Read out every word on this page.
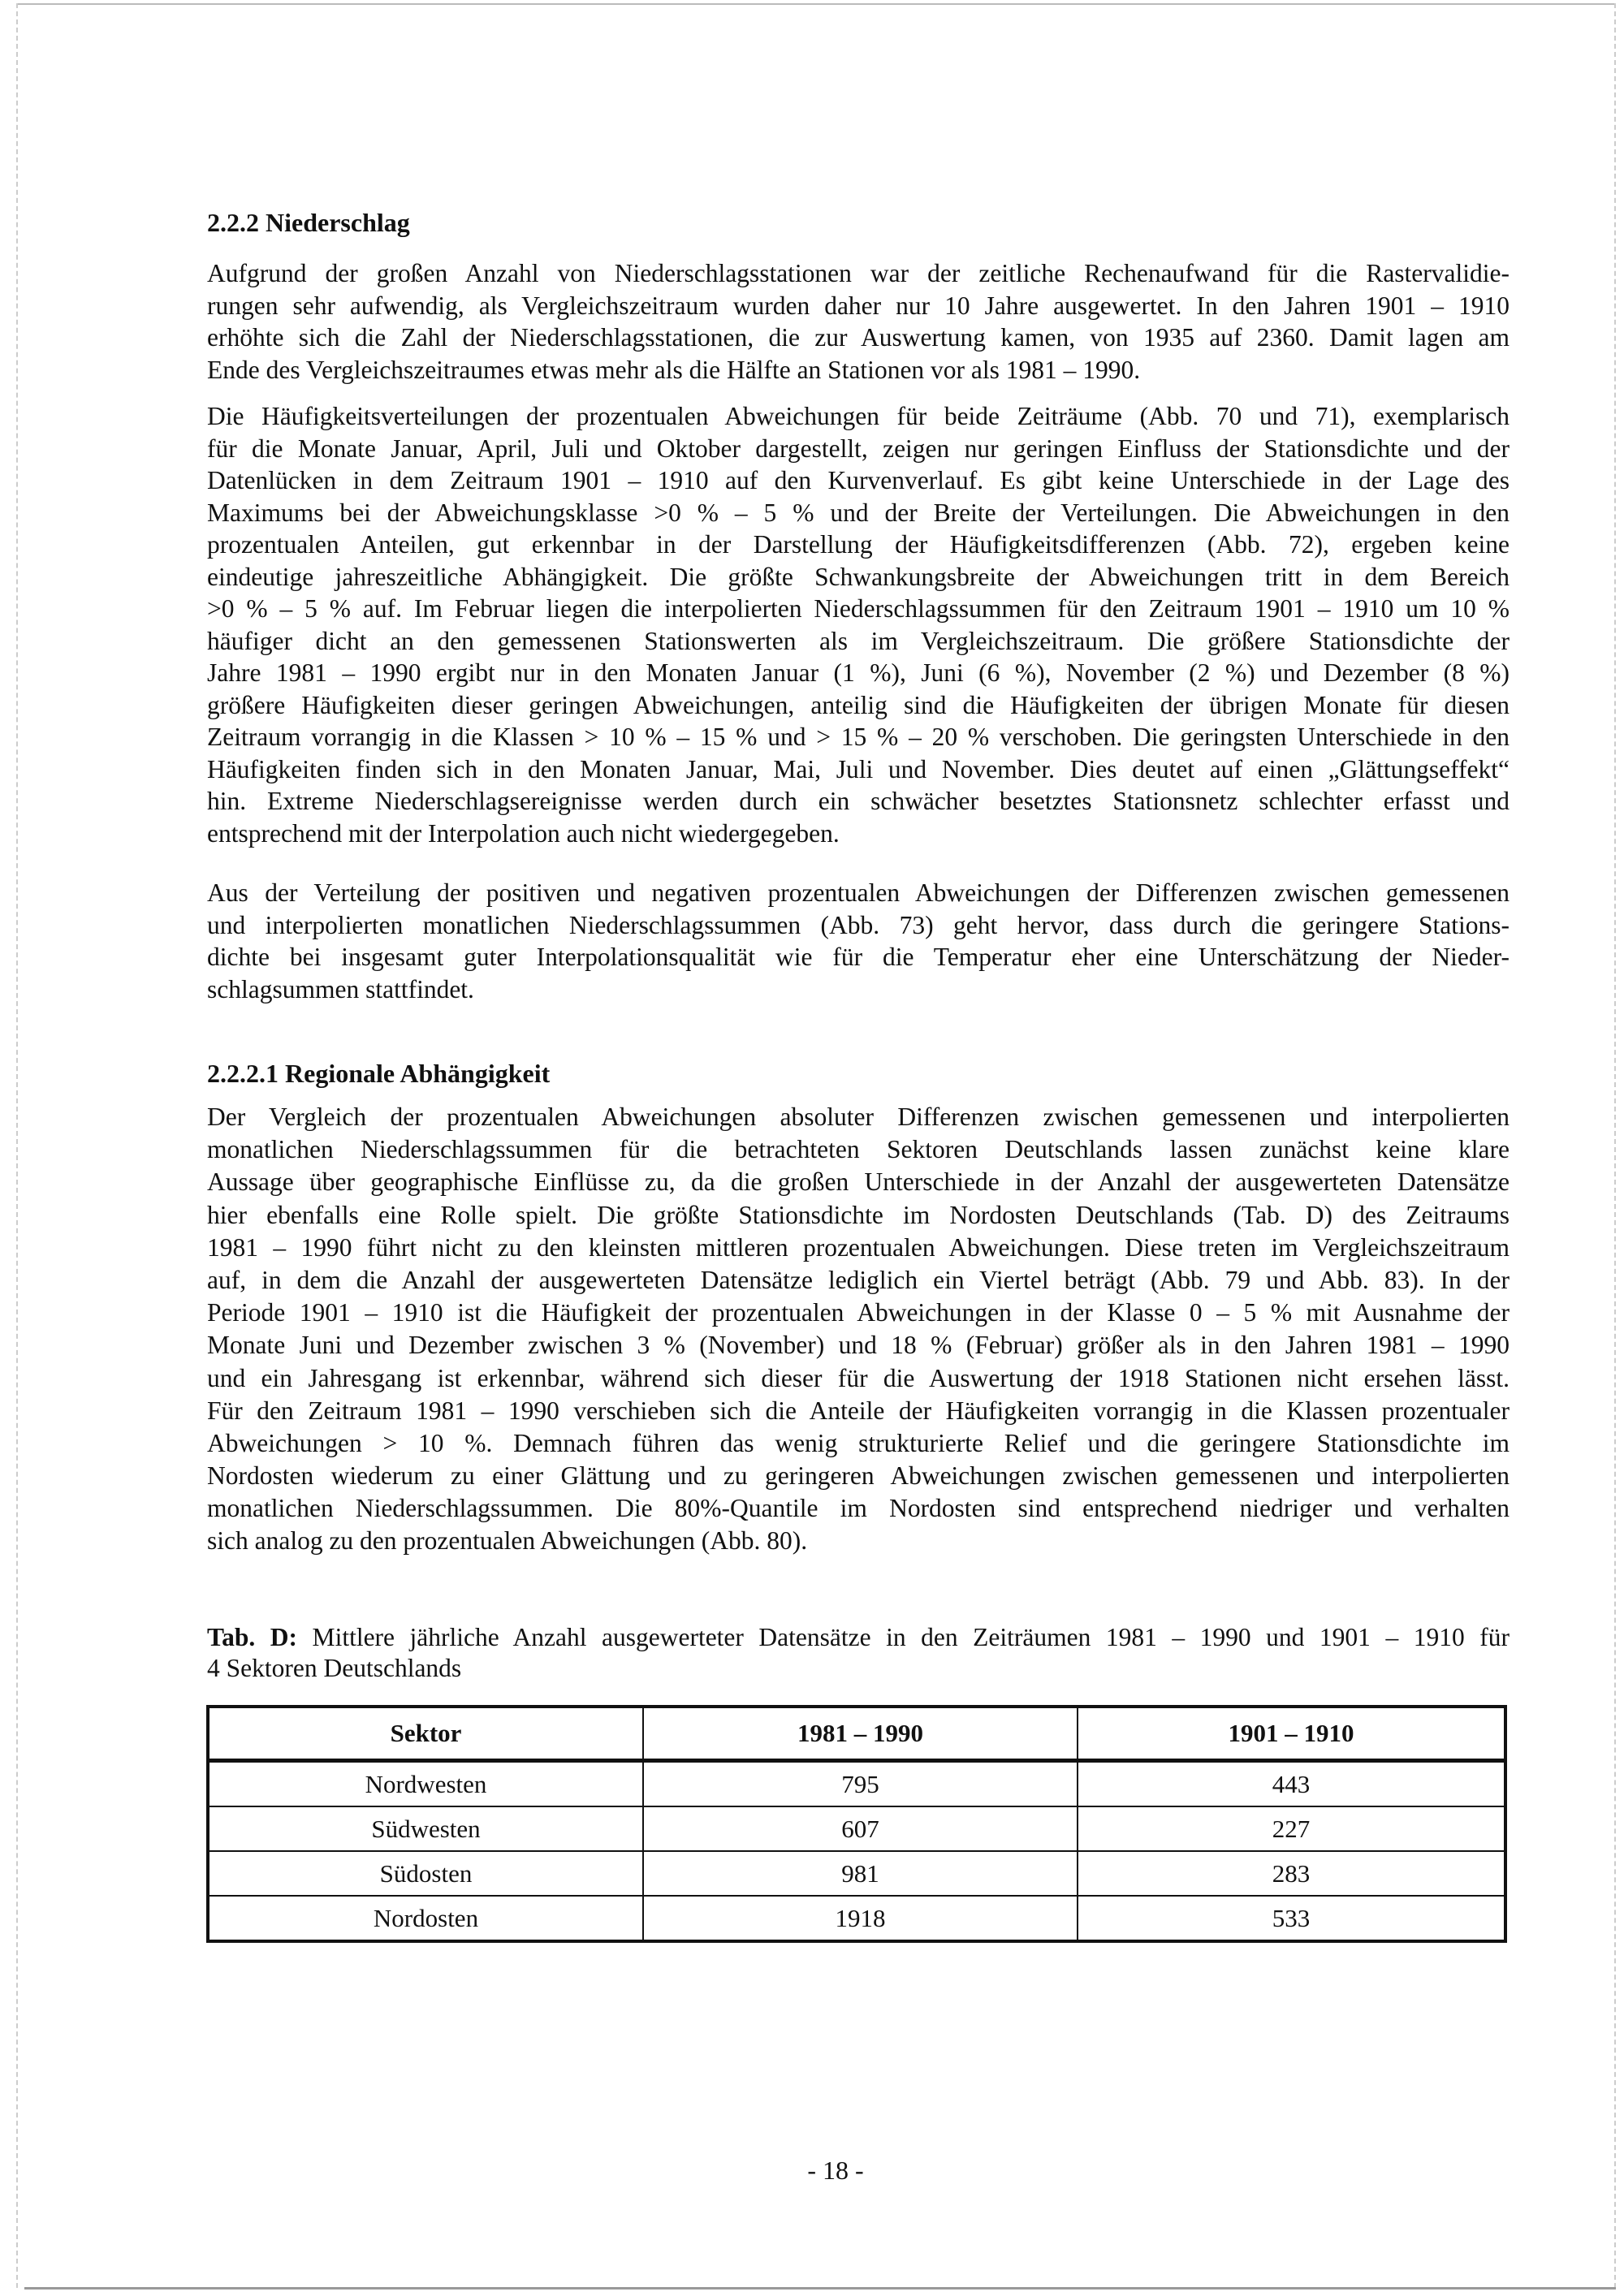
2.2.2 Niederschlag
Aufgrund der großen Anzahl von Niederschlagsstationen war der zeitliche Rechenaufwand für die Rastervalidie-
rungen sehr aufwendig, als Vergleichszeitraum wurden daher nur 10 Jahre ausgewertet. In den Jahren 1901 – 1910
erhöhte sich die Zahl der Niederschlagsstationen, die zur Auswertung kamen, von 1935 auf 2360. Damit lagen am
Ende des Vergleichszeitraumes etwas mehr als die Hälfte an Stationen vor als 1981 – 1990.
Die Häufigkeitsverteilungen der prozentualen Abweichungen für beide Zeiträume (Abb. 70 und 71), exemplarisch
für die Monate Januar, April, Juli und Oktober dargestellt, zeigen nur geringen Einfluss der Stationsdichte und der
Datenlücken in dem Zeitraum 1901 – 1910 auf den Kurvenverlauf. Es gibt keine Unterschiede in der Lage des
Maximums bei der Abweichungsklasse >0 % – 5 % und der Breite der Verteilungen. Die Abweichungen in den
prozentualen Anteilen, gut erkennbar in der Darstellung der Häufigkeitsdifferenzen (Abb. 72), ergeben keine
eindeutige jahreszeitliche Abhängigkeit. Die größte Schwankungsbreite der Abweichungen tritt in dem Bereich
>0 % – 5 % auf. Im Februar liegen die interpolierten Niederschlagssummen für den Zeitraum 1901 – 1910 um 10 %
häufiger dicht an den gemessenen Stationswerten als im Vergleichszeitraum. Die größere Stationsdichte der
Jahre 1981 – 1990 ergibt nur in den Monaten Januar (1 %), Juni (6 %), November (2 %) und Dezember (8 %)
größere Häufigkeiten dieser geringen Abweichungen, anteilig sind die Häufigkeiten der übrigen Monate für diesen
Zeitraum vorrangig in die Klassen > 10 % – 15 % und > 15 % – 20 % verschoben. Die geringsten Unterschiede in den
Häufigkeiten finden sich in den Monaten Januar, Mai, Juli und November. Dies deutet auf einen „Glättungseffekt“
hin. Extreme Niederschlagsereignisse werden durch ein schwächer besetztes Stationsnetz schlechter erfasst und
entsprechend mit der Interpolation auch nicht wiedergegeben.
Aus der Verteilung der positiven und negativen prozentualen Abweichungen der Differenzen zwischen gemessenen
und interpolierten monatlichen Niederschlagssummen (Abb. 73) geht hervor, dass durch die geringere Stations-
dichte bei insgesamt guter Interpolationsqualität wie für die Temperatur eher eine Unterschätzung der Nieder-
schlagsummen stattfindet.
2.2.2.1 Regionale Abhängigkeit
Der Vergleich der prozentualen Abweichungen absoluter Differenzen zwischen gemessenen und interpolierten
monatlichen Niederschlagssummen für die betrachteten Sektoren Deutschlands lassen zunächst keine klare
Aussage über geographische Einflüsse zu, da die großen Unterschiede in der Anzahl der ausgewerteten Datensätze
hier ebenfalls eine Rolle spielt. Die größte Stationsdichte im Nordosten Deutschlands (Tab. D) des Zeitraums
1981 – 1990 führt nicht zu den kleinsten mittleren prozentualen Abweichungen. Diese treten im Vergleichszeitraum
auf, in dem die Anzahl der ausgewerteten Datensätze lediglich ein Viertel beträgt (Abb. 79 und Abb. 83). In der
Periode 1901 – 1910 ist die Häufigkeit der prozentualen Abweichungen in der Klasse 0 – 5 % mit Ausnahme der
Monate Juni und Dezember zwischen 3 % (November) und 18 % (Februar) größer als in den Jahren 1981 – 1990
und ein Jahresgang ist erkennbar, während sich dieser für die Auswertung der 1918 Stationen nicht ersehen lässt.
Für den Zeitraum 1981 – 1990 verschieben sich die Anteile der Häufigkeiten vorrangig in die Klassen prozentualer
Abweichungen > 10 %. Demnach führen das wenig strukturierte Relief und die geringere Stationsdichte im
Nordosten wiederum zu einer Glättung und zu geringeren Abweichungen zwischen gemessenen und interpolierten
monatlichen Niederschlagssummen. Die 80%-Quantile im Nordosten sind entsprechend niedriger und verhalten
sich analog zu den prozentualen Abweichungen (Abb. 80).
Tab. D: Mittlere jährliche Anzahl ausgewerteter Datensätze in den Zeiträumen 1981 – 1990 und 1901 – 1910 für
4 Sektoren Deutschlands
Sektor	1981 – 1990	1901 – 1910
Nordwesten	795	443
Südwesten	607	227
Südosten	981	283
Nordosten	1918	533
- 18 -
